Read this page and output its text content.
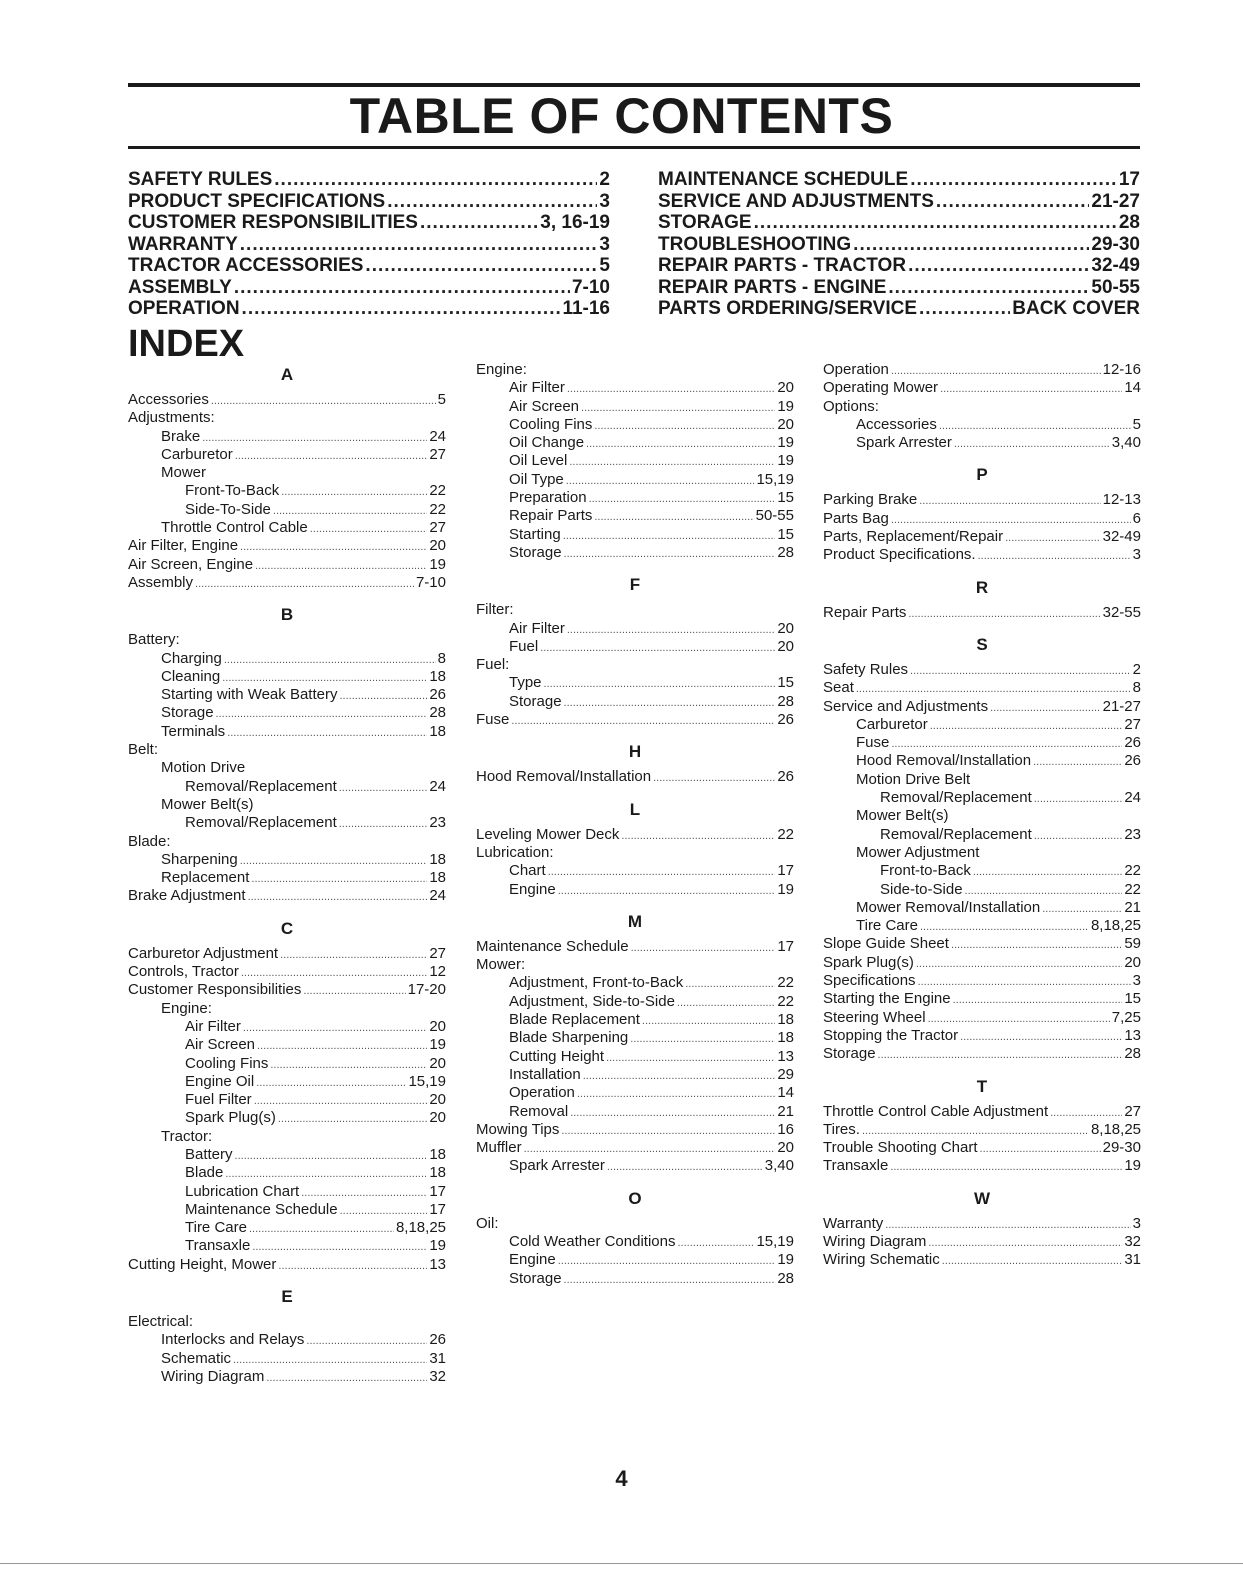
TABLE OF CONTENTS
SAFETY RULES .....	2
PRODUCT SPECIFICATIONS .....	3
CUSTOMER RESPONSIBILITIES .....	3, 16-19
WARRANTY .....	3
TRACTOR ACCESSORIES .....	5
ASSEMBLY .....	7-10
OPERATION .....	11-16
MAINTENANCE SCHEDULE .....	17
SERVICE AND ADJUSTMENTS .....	21-27
STORAGE .....	28
TROUBLESHOOTING .....	29-30
REPAIR PARTS - TRACTOR .....	32-49
REPAIR PARTS - ENGINE .....	50-55
PARTS ORDERING/SERVICE .....	BACK COVER
INDEX
A
Accessories .....	5
Adjustments:
Brake .....	24
Carburetor .....	27
Mower
Front-To-Back .....	22
Side-To-Side .....	22
Throttle Control Cable .....	27
Air Filter, Engine .....	20
Air Screen, Engine .....	19
Assembly .....	7-10
B
Battery:
Charging .....	8
Cleaning .....	18
Starting with Weak Battery .....	26
Storage .....	28
Terminals .....	18
Belt:
Motion Drive
Removal/Replacement .....	24
Mower Belt(s)
Removal/Replacement .....	23
Blade:
Sharpening .....	18
Replacement .....	18
Brake Adjustment .....	24
C
Carburetor Adjustment .....	27
Controls, Tractor .....	12
Customer Responsibilities .....	17-20
Engine:
Air Filter .....	20
Air Screen .....	19
Cooling Fins .....	20
Engine Oil .....	15,19
Fuel Filter .....	20
Spark Plug(s) .....	20
Tractor:
Battery .....	18
Blade .....	18
Lubrication Chart .....	17
Maintenance Schedule .....	17
Tire Care .....	8,18,25
Transaxle .....	19
Cutting Height, Mower .....	13
E
Electrical:
Interlocks and Relays .....	26
Schematic .....	31
Wiring Diagram .....	32
Engine:
Air Filter .....	20
Air Screen .....	19
Cooling Fins .....	20
Oil Change .....	19
Oil Level .....	19
Oil Type .....	15,19
Preparation .....	15
Repair Parts .....	50-55
Starting .....	15
Storage .....	28
F
Filter:
Air Filter .....	20
Fuel .....	20
Fuel:
Type .....	15
Storage .....	28
Fuse .....	26
H
Hood Removal/Installation .....	26
L
Leveling Mower Deck .....	22
Lubrication:
Chart .....	17
Engine .....	19
M
Maintenance Schedule .....	17
Mower:
Adjustment, Front-to-Back .....	22
Adjustment, Side-to-Side .....	22
Blade Replacement .....	18
Blade Sharpening .....	18
Cutting Height .....	13
Installation .....	29
Operation .....	14
Removal .....	21
Mowing Tips .....	16
Muffler .....	20
Spark Arrester .....	3,40
O
Oil:
Cold Weather Conditions .....	15,19
Engine .....	19
Storage .....	28
Operation .....	12-16
Operating Mower .....	14
Options:
Accessories .....	5
Spark Arrester .....	3,40
P
Parking Brake .....	12-13
Parts Bag .....	6
Parts, Replacement/Repair .....	32-49
Product Specifications. .....	3
R
Repair Parts .....	32-55
S
Safety Rules .....	2
Seat .....	8
Service and Adjustments .....	21-27
Carburetor .....	27
Fuse .....	26
Hood Removal/Installation .....	26
Motion Drive Belt
Removal/Replacement .....	24
Mower Belt(s)
Removal/Replacement .....	23
Mower Adjustment
Front-to-Back .....	22
Side-to-Side .....	22
Mower Removal/Installation .....	21
Tire Care .....	8,18,25
Slope Guide Sheet .....	59
Spark Plug(s) .....	20
Specifications .....	3
Starting the Engine .....	15
Steering Wheel .....	7,25
Stopping the Tractor .....	13
Storage .....	28
T
Throttle Control Cable Adjustment .....	27
Tires. .....	8,18,25
Trouble Shooting Chart .....	29-30
Transaxle .....	19
W
Warranty .....	3
Wiring Diagram .....	32
Wiring Schematic .....	31
4
